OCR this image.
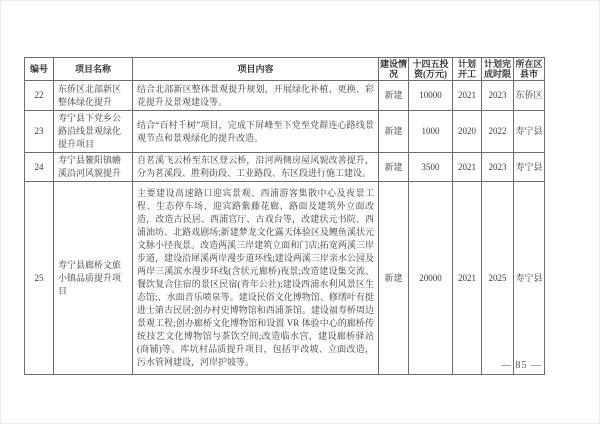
编号	项目名称	项目内容	建设情况	十四五投资(万元)	计划开工	计划完成时限	所在区县市
22	东侨区北部新区整体绿化提升	结合北部新区整体景观提升规划，开展绿化补植、更换、彩花提升及景观建设等。	新建	10000	2021	2023	东侨区
23	寿宁县下党乡公路沿线景观绿化提升项目	结合“百村千树”项目，完成下屏峰至下党至党群连心路线景观节点和景观绿化的提升改造。	新建	1000	2020	2022	寿宁县
24	寿宁县鳌阳镇蟾溪沿河风貌提升	自茗溪飞云桥至东区登云桥，沿河两侧房屋风貌改善提升，分为茗溪段、胜利街段、工业路段、东区段进行施工建设。	新建	3500	2021	2023	寿宁县
25	寿宁县廊桥文旅小镇品质提升项目	主要建设高速路口迎宾景观、西浦游客集散中心及夜景工程、生态停车场、迎宾路紫藤花廊、路面及建筑外立面改造，改造古民居、西浦官厅、古戏台等，改建状元书院、西浦油坊、北路戏剧场;新建梦龙文化露天体验区及鲤鱼溪状元文脉小径夜景。改造两溪三岸建筑立面和门店;拓宽两溪三岸步道，建设沿犀溪两岸漫步道环线;建设两溪三岸亲水公园及两岸三溪滨水漫步环线(含状元廊桥)夜景;改造建设集交流、餐饮复合住宿的景区民宿(青年公社);建设西浦水利风景区生态馆;、水面音乐喷泉等。建设民俗文化博物馆、修缮叶有挺进士第古民居;创办村史博物馆和西浦茶馆。建设福寿桥周边景观工程;创办廊桥文化博物馆和设置 VR 体验中心的廊桥传统技艺文化博物馆与茶饮空间;改造临水宫，建设廊桥驿站(商铺)等。库坑村品质提升项目，包括平改坡、立面改造，污水管网建设，河岸护坡等。	新建	20000	2021	2025	寿宁县
— 85 —
